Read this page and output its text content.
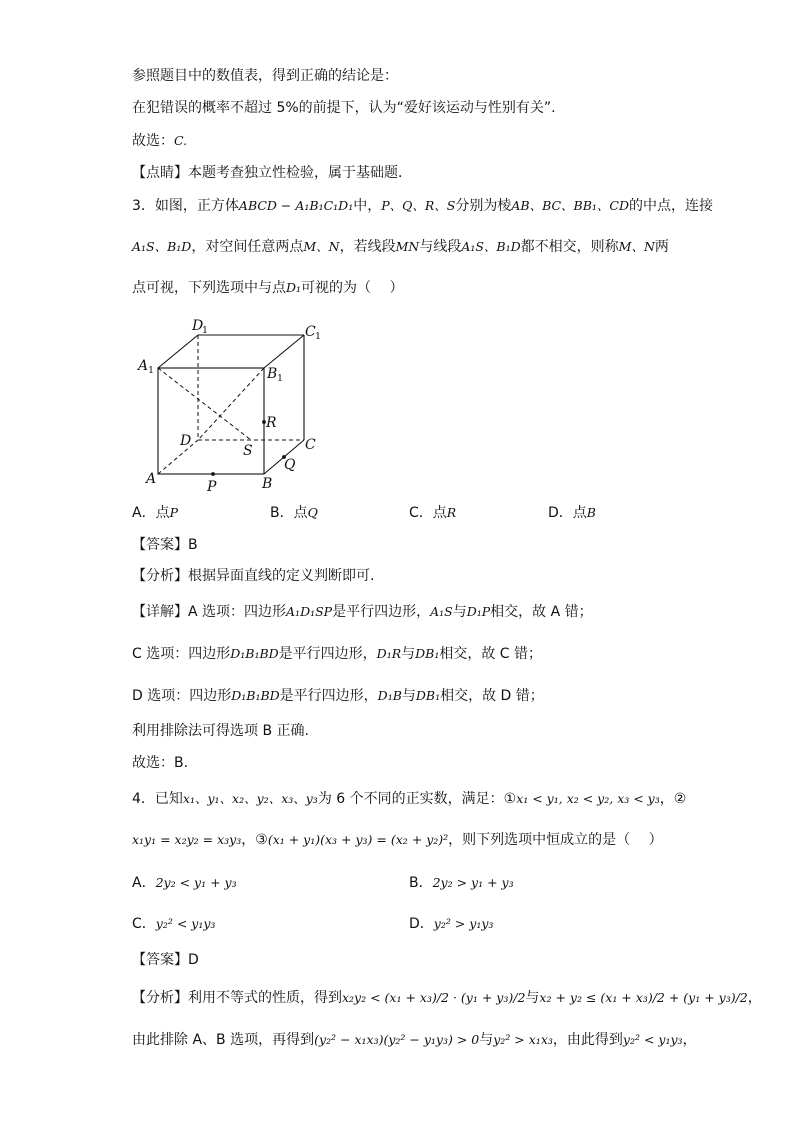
参照题目中的数值表，得到正确的结论是：
在犯错误的概率不超过 5%的前提下，认为“爱好该运动与性别有关”.
故选：C.
【点睛】本题考查独立性检验，属于基础题．
3．如图，正方体ABCD − A₁B₁C₁D₁中，P、Q、R、S分别为棱AB、BC、BB₁、CD的中点，连接
A₁S、B₁D，对空间任意两点M、N，若线段MN与线段A₁S、B₁D都不相交，则称M、N两
点可视，下列选项中与点D₁可视的为（　 ）
D
1	C 1
A 1	B 1
R
D
S	C
Q
A	P	B
A．点P	B．点Q	C．点R	D．点B
【答案】B
【分析】根据异面直线的定义判断即可.
【详解】A 选项：四边形A₁D₁SP是平行四边形，A₁S与D₁P相交，故 A 错；
C 选项：四边形D₁B₁BD是平行四边形，D₁R与DB₁相交，故 C 错；
D 选项：四边形D₁B₁BD是平行四边形，D₁B与DB₁相交，故 D 错；
利用排除法可得选项 B 正确.
故选：B.
4．已知x₁、y₁、x₂、y₂、x₃、y₃为 6 个不同的正实数，满足：①x₁ < y₁, x₂ < y₂, x₃ < y₃，②
x₁y₁ = x₂y₂ = x₃y₃，③(x₁ + y₁)(x₃ + y₃) = (x₂ + y₂)²，则下列选项中恒成立的是（　 ）
A．2y₂ < y₁ + y₃	B．2y₂ > y₁ + y₃
C．y₂² < y₁y₃	D．y₂² > y₁y₃
【答案】D
【分析】利用不等式的性质，得到x₂y₂ < (x₁ + x₃)/2 · (y₁ + y₃)/2与x₂ + y₂ ≤ (x₁ + x₃)/2 + (y₁ + y₃)/2，
由此排除 A、B 选项，再得到(y₂² − x₁x₃)(y₂² − y₁y₃) > 0与y₂² > x₁x₃，由此得到y₂² < y₁y₃，
